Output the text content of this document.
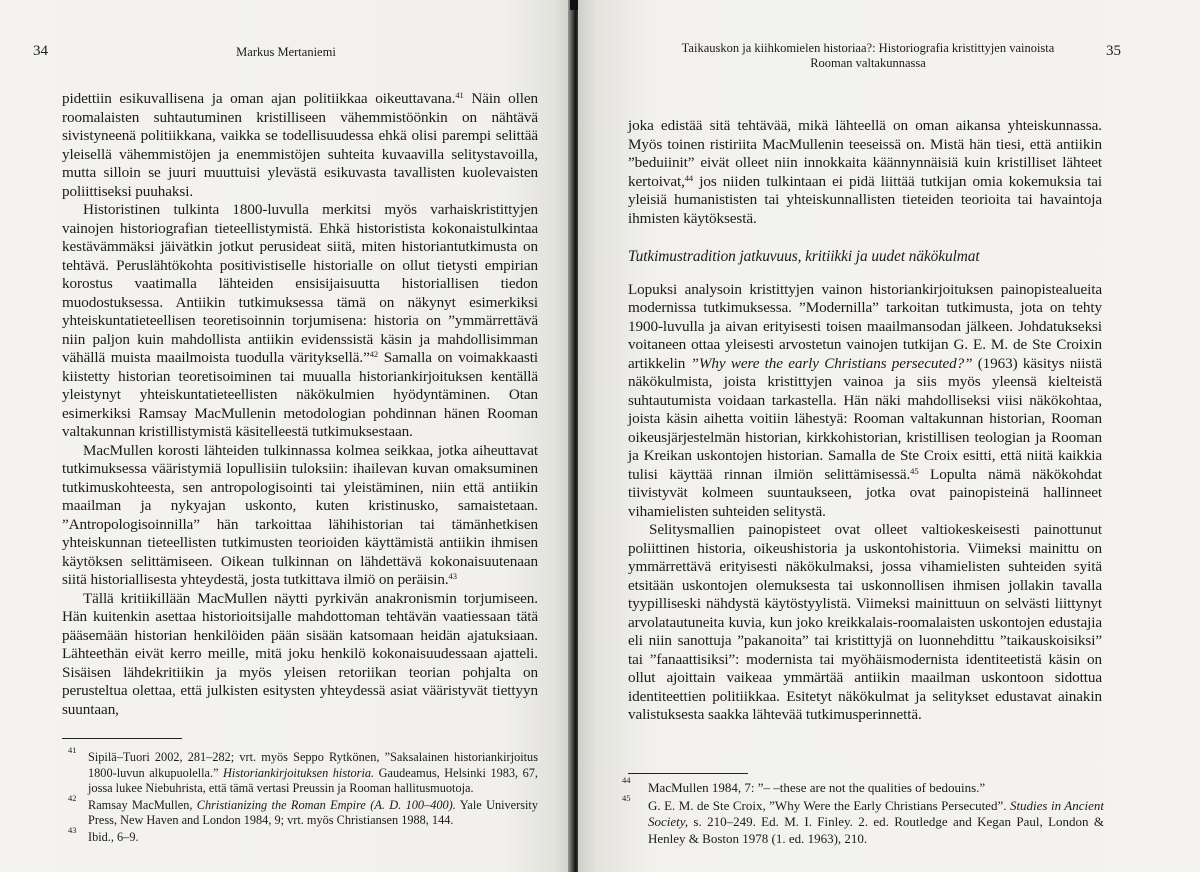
34	Markus Mertaniemi

pidettiin esikuvallisena ja oman ajan politiikkaa oikeuttavana.$^{41}$ Näin ollen roomalaisten suhtautuminen kristilliseen vähemmistöönkin on nähtävä sivistyneenä politiikkana, vaikka se todellisuudessa ehkä olisi parempi selittää yleisellä vähemmistöjen ja enemmistöjen suhteita kuvaavilla selitystavoilla, mutta silloin se juuri muuttuisi ylevästä esikuvasta tavallisten kuolevaisten poliittiseksi puuhaksi.

Historistinen tulkinta 1800-luvulla merkitsi myös varhaiskristittyjen vainojen historiografian tieteellistymistä. Ehkä historistista kokonaistulkintaa kestävämmäksi jäivätkin jotkut perusideat siitä, miten historiantutkimusta on tehtävä. Peruslähtökohta positivistiselle historialle on ollut tietysti empirian korostus vaatimalla lähteiden ensisijaisuutta historiallisen tiedon muodostuksessa. Antiikin tutkimuksessa tämä on näkynyt esimerkiksi yhteiskuntatieteellisen teoretisoinnin torjumisena: historia on ”ymmärrettävä niin paljon kuin mahdollista antiikin evidenssistä käsin ja mahdollisimman vähällä muista maailmoista tuodulla värityksellä.”$^{42}$ Samalla on voimakkaasti kiistetty historian teoretisoiminen tai muualla historiankirjoituksen kentällä yleistynyt yhteiskuntatieteellisten näkökulmien hyödyntäminen. Otan esimerkiksi Ramsay MacMullenin metodologian pohdinnan hänen Rooman valtakunnan kristillistymistä käsitelleestä tutkimuksestaan.

MacMullen korosti lähteiden tulkinnassa kolmea seikkaa, jotka aiheuttavat tutkimuksessa vääristymiä lopullisiin tuloksiin: ihailevan kuvan omaksuminen tutkimuskohteesta, sen antropologisointi tai yleistäminen, niin että antiikin maailman ja nykyajan uskonto, kuten kristinusko, samaistetaan. ”Antropologisoinnilla” hän tarkoittaa lähihistorian tai tämänhetkisen yhteiskunnan tieteellisten tutkimusten teorioiden käyttämistä antiikin ihmisen käytöksen selittämiseen. Oikean tulkinnan on lähdettävä kokonaisuutenaan siitä historiallisesta yhteydestä, josta tutkittava ilmiö on peräisin.$^{43}$

Tällä kritiikillään MacMullen näytti pyrkivän anakronismin torjumiseen. Hän kuitenkin asettaa historioitsijalle mahdottoman tehtävän vaatiessaan tätä pääsemään historian henkilöiden pään sisään katsomaan heidän ajatuksiaan. Lähteethän eivät kerro meille, mitä joku henkilö kokonaisuudessaan ajatteli. Sisäisen lähdekritiikin ja myös yleisen retoriikan teorian pohjalta on perusteltua olettaa, että julkisten esitysten yhteydessä asiat vääristyvät tiettyyn suuntaan,

41 Sipilä–Tuori 2002, 281–282; vrt. myös Seppo Rytkönen, ”Saksalainen historiankirjoitus 1800-luvun alkupuolella.” Historiankirjoituksen historia. Gaudeamus, Helsinki 1983, 67, jossa lukee Niebuhrista, että tämä vertasi Preussin ja Rooman hallitusmuotoja.
42 Ramsay MacMullen, Christianizing the Roman Empire (A. D. 100–400). Yale University Press, New Haven and London 1984, 9; vrt. myös Christiansen 1988, 144.
43 Ibid., 6–9.
Taikauskon ja kiihkomielen historiaa?: Historiografia kristittyjen vainoista
Rooman valtakunnassa
35

joka edistää sitä tehtävää, mikä lähteellä on oman aikansa yhteiskunnassa. Myös toinen ristiriita MacMullenin teeseissä on. Mistä hän tiesi, että antiikin ”beduiinit” eivät olleet niin innokkaita käännynnäisiä kuin kristilliset lähteet kertoivat,$^{44}$ jos niiden tulkintaan ei pidä liittää tutkijan omia kokemuksia tai yleisiä humanististen tai yhteiskunnallisten tieteiden teorioita tai havaintoja ihmisten käytöksestä.

Tutkimustradition jatkuvuus, kritiikki ja uudet näkökulmat

Lopuksi analysoin kristittyjen vainon historiankirjoituksen painopistealueita modernissa tutkimuksessa. ”Modernilla” tarkoitan tutkimusta, jota on tehty 1900-luvulla ja aivan erityisesti toisen maailmansodan jälkeen. Johdatukseksi voitaneen ottaa yleisesti arvostetun vainojen tutkijan G. E. M. de Ste Croixin artikkelin ”Why were the early Christians persecuted?” (1963) käsitys niistä näkökulmista, joista kristittyjen vainoa ja siis myös yleensä kielteistä suhtautumista voidaan tarkastella. Hän näki mahdolliseksi viisi näkökohtaa, joista käsin aihetta voitiin lähestyä: Rooman valtakunnan historian, Rooman oikeusjärjestelmän historian, kirkkohistorian, kristillisen teologian ja Rooman ja Kreikan uskontojen historian. Samalla de Ste Croix esitti, että niitä kaikkia tulisi käyttää rinnan ilmiön selittämisessä.$^{45}$ Lopulta nämä näkökohdat tiivistyvät kolmeen suuntaukseen, jotka ovat painopisteinä hallinneet vihamielisten suhteiden selitystä.

Selitysmallien painopisteet ovat olleet valtiokeskeisesti painottunut poliittinen historia, oikeushistoria ja uskontohistoria. Viimeksi mainittu on ymmärrettävä erityisesti näkökulmaksi, jossa vihamielisten suhteiden syitä etsitään uskontojen olemuksesta tai uskonnollisen ihmisen jollakin tavalla tyypilliseski nähdystä käytöstyylistä. Viimeksi mainittuun on selvästi liittynyt arvolatautuneita kuvia, kun joko kreikkalais-roomalaisten uskontojen edustajia eli niin sanottuja ”pakanoita” tai kristittyjä on luonnehdittu ”taikauskoisiksi” tai ”fanaattisiksi”: modernista tai myöhäismodernista identiteetistä käsin on ollut ajoittain vaikeaa ymmärtää antiikin maailman uskontoon sidottua identiteettien politiikkaa. Esitetyt näkökulmat ja selitykset edustavat ainakin valistuksesta saakka lähtevää tutkimusperinnettä.

44 MacMullen 1984, 7: ”– –these are not the qualities of bedouins.”
45 G. E. M. de Ste Croix, ”Why Were the Early Christians Persecuted”. Studies in Ancient Society, s. 210–249. Ed. M. I. Finley. 2. ed. Routledge and Kegan Paul, London & Henley & Boston 1978 (1. ed. 1963), 210.
